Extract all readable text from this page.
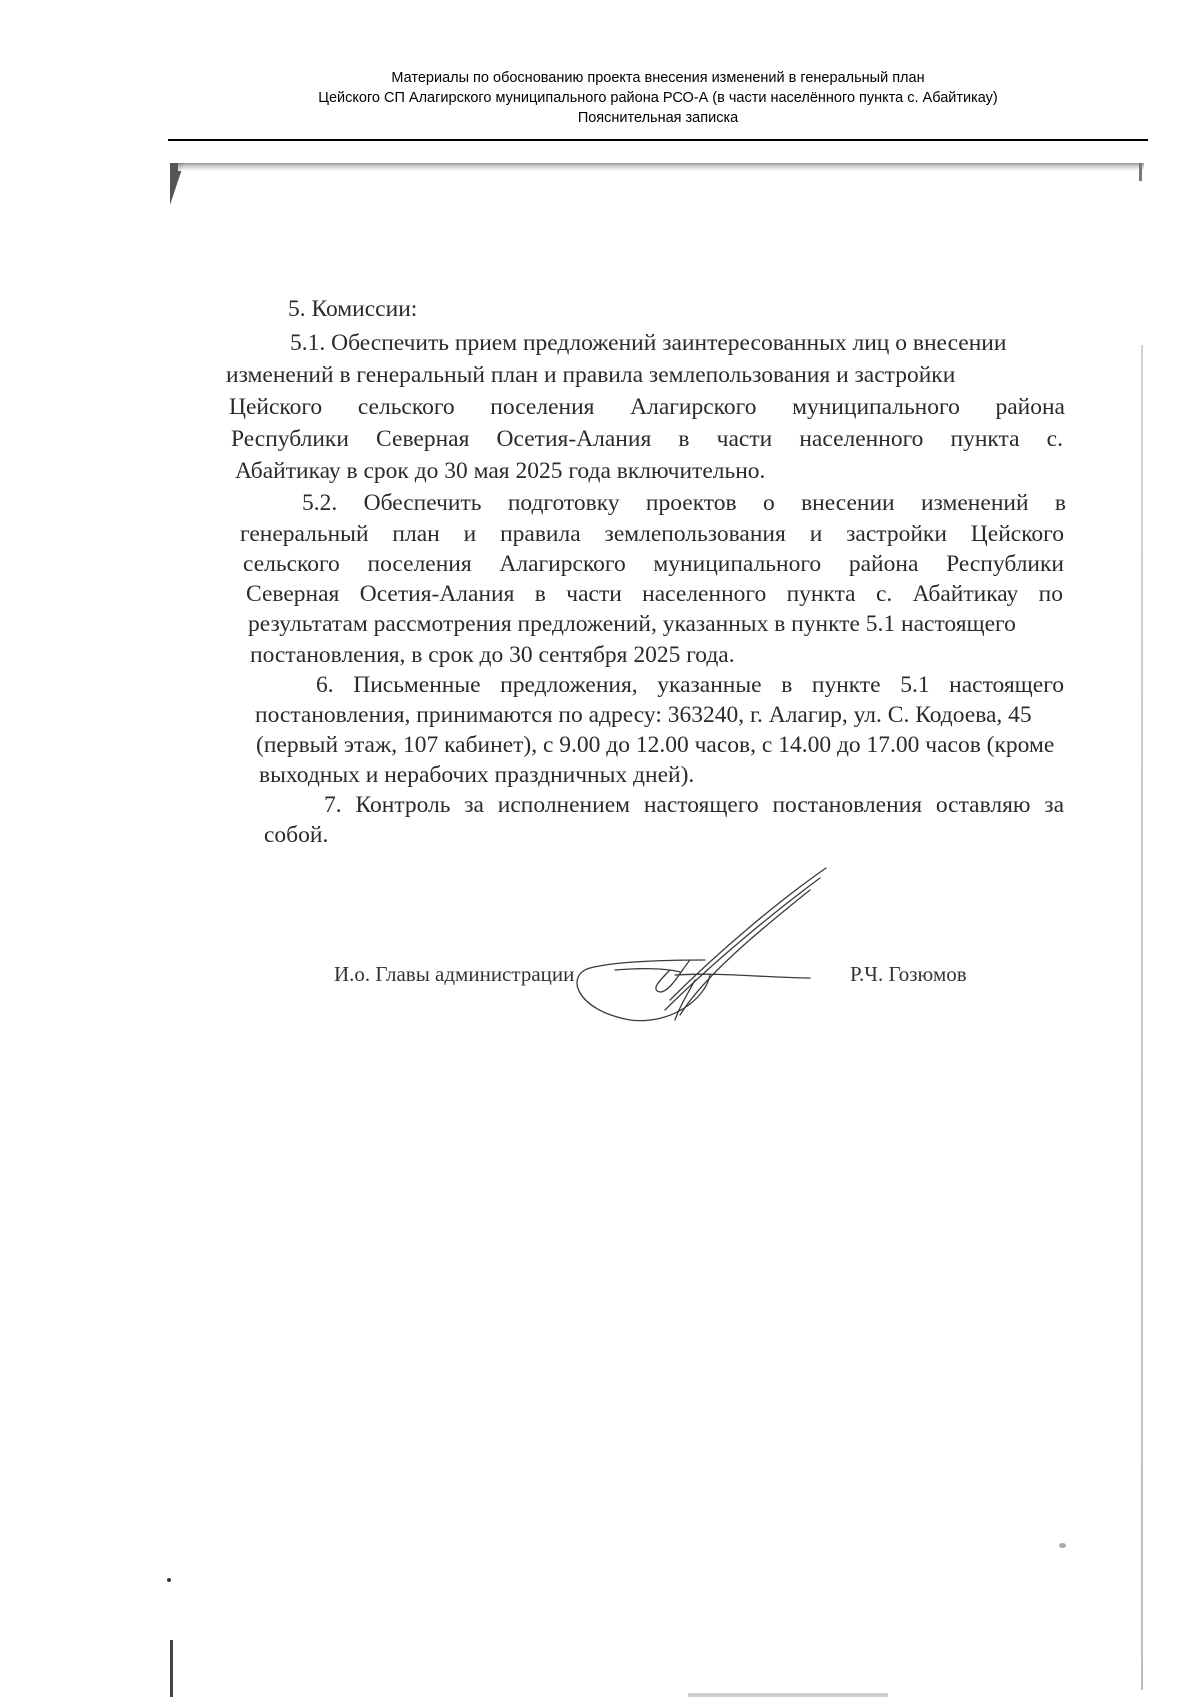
Материалы по обоснованию проекта внесения изменений в генеральный план
Цейского СП Алагирского муниципального района РСО-А (в части населённого пункта с. Абайтикау)
Пояснительная записка
5. Комиссии:
5.1. Обеспечить прием предложений заинтересованных лиц о внесении
изменений в генеральный план и правила землепользования и застройки
Цейского сельского поселения Алагирского муниципального района
Республики Северная Осетия-Алания в части населенного пункта с.
Абайтикау в срок до 30 мая 2025 года включительно.
5.2. Обеспечить подготовку проектов о внесении изменений в
генеральный план и правила землепользования и застройки Цейского
сельского поселения Алагирского муниципального района Республики
Северная Осетия-Алания в части населенного пункта с. Абайтикау по
результатам рассмотрения предложений, указанных в пункте 5.1 настоящего
постановления, в срок до 30 сентября 2025 года.
6. Письменные предложения, указанные в пункте 5.1 настоящего
постановления, принимаются по адресу: 363240, г. Алагир, ул. С. Кодоева, 45
(первый этаж, 107 кабинет), с 9.00 до 12.00 часов, с 14.00 до 17.00 часов (кроме
выходных и нерабочих праздничных дней).
7. Контроль за исполнением настоящего постановления оставляю за
собой.
И.о. Главы администрации	Р.Ч. Гозюмов
